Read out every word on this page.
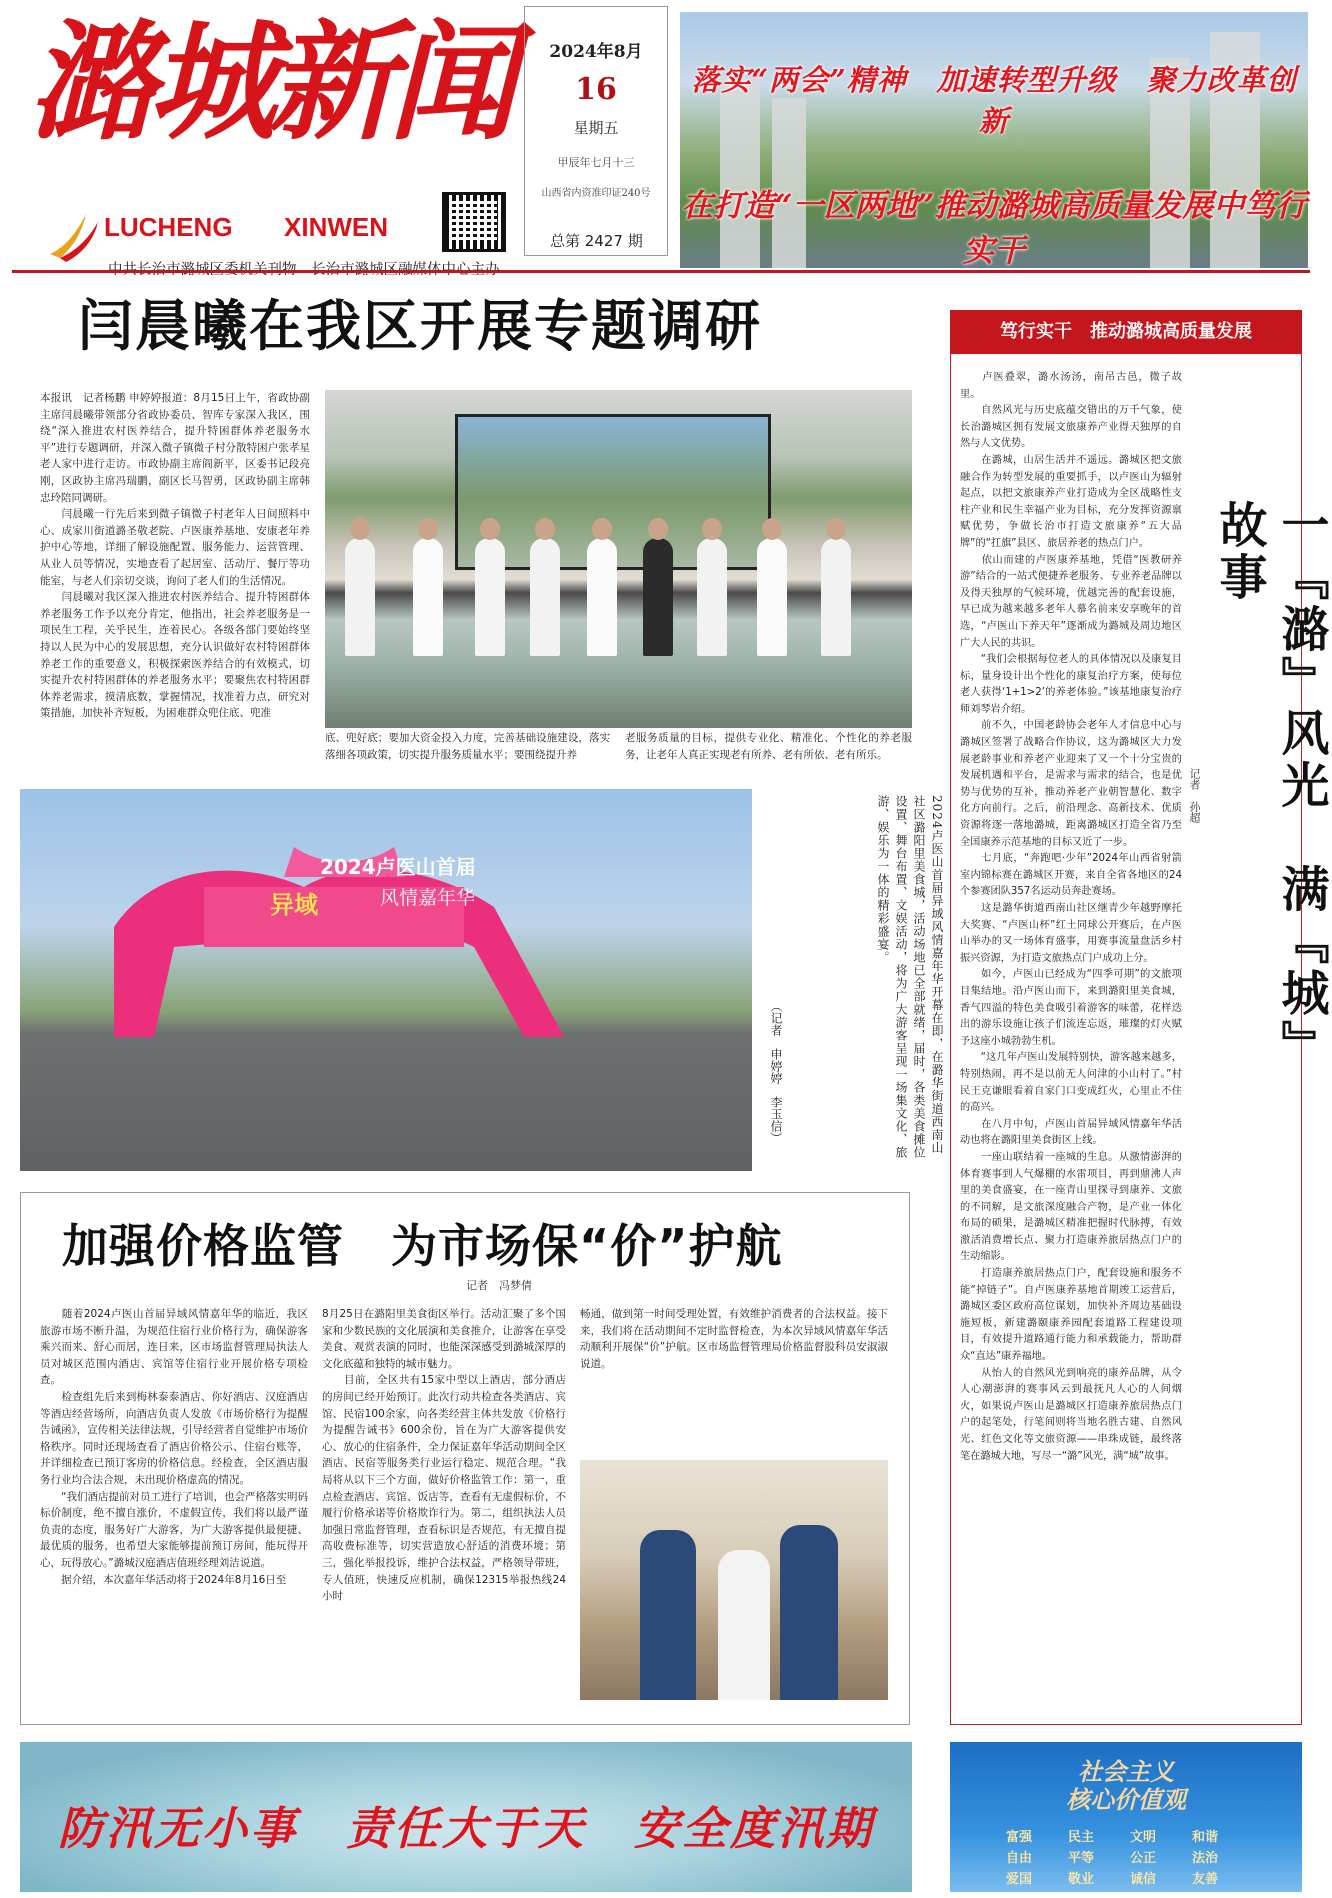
潞城新闻
LUCHENG XINWEN
2024年8月
16
星期五
甲辰年七月十三
山西省内资准印证240号
总第 2427 期
落实“两会”精神　加速转型升级　聚力改革创新
在打造“一区两地”推动潞城高质量发展中笃行实干
闫晨曦在我区开展专题调研
本报讯　记者杨鹏 申婷婷报道：8月15日上午，省政协副主席闫晨曦带领部分省政协委员、智库专家深入我区，围绕“深入推进农村医养结合，提升特困群体养老服务水平”进行专题调研，并深入微子镇微子村分散特困户张孝星老人家中进行走访。市政协副主席阎新平，区委书记段亮刚，区政协主席冯瑞鹏，副区长马智勇，区政协副主席韩忠玲陪同调研。
　　闫晨曦一行先后来到微子镇微子村老年人日间照料中心、成家川街道潞圣敬老院、卢医康养基地、安康老年养护中心等地，详细了解设施配置、服务能力、运营管理、从业人员等情况，实地查看了起居室、活动厅、餐厅等功能室，与老人们亲切交谈，询问了老人们的生活情况。
　　闫晨曦对我区深入推进农村医养结合、提升特困群体养老服务工作予以充分肯定，他指出，社会养老服务是一项民生工程，关乎民生，连着民心。各级各部门要始终坚持以人民为中心的发展思想，充分认识做好农村特困群体养老工作的重要意义，积极探索医养结合的有效模式，切实提升农村特困群体的养老服务水平；要聚焦农村特困群体养老需求，摸清底数，掌握情况，找准着力点，研究对策措施，加快补齐短板，为困难群众兜住底、兜准
底、兜好底；要加大资金投入力度，完善基础设施建设，落实落细各项政策，切实提升服务质量水平；要围绕提升养
老服务质量的目标，提供专业化、精准化、个性化的养老服务，让老年人真正实现老有所养、老有所依、老有所乐。
2024卢医山首届
异域	风情嘉年华	2024卢医山首届异域风情嘉年华开幕在即，在潞华街道西南山社区潞阳里美食城，活动场地已全部就绪，届时，各类美食摊位设置、舞台布置、文娱活动，将为广大游客呈现一场集文化、旅游、娱乐为一体的精彩盛宴。
（记者　申婷婷　李玉信）
加强价格监管　为市场保“价”护航
记者　冯梦倩
　　随着2024卢医山首届异域风情嘉年华的临近，我区旅游市场不断升温，为规范住宿行业价格行为，确保游客乘兴而来、舒心而居，连日来，区市场监督管理局执法人员对城区范围内酒店、宾馆等住宿行业开展价格专项检查。
　　检查组先后来到梅林泰泰酒店、你好酒店、汉庭酒店等酒店经营场所，向酒店负责人发放《市场价格行为提醒告诫函》，宣传相关法律法规，引导经营者自觉维护市场价格秩序。同时还现场查看了酒店价格公示、住宿台账等，并详细检查已预订客房的价格信息。经检查，全区酒店服务行业均合法合规，未出现价格虚高的情况。
　　“我们酒店提前对员工进行了培训，也会严格落实明码标价制度，绝不擅自涨价，不虚假宣传，我们将以最严谨负责的态度，服务好广大游客，为广大游客提供最便捷、最优质的服务，也希望大家能够提前预订房间，能玩得开心，玩得放心。”潞城汉庭酒店值班经理刘洁说道。
　　据介绍，本次嘉年华活动将于2024年8月16日至
8月25日在潞阳里美食街区举行。活动汇聚了多个国家和少数民族的文化展演和美食推介，让游客在享受美食、观赏表演的同时，也能深深感受到潞城深厚的文化底蕴和独特的城市魅力。
　　目前，全区共有15家中型以上酒店，部分酒店的房间已经开始预订。此次行动共检查各类酒店、宾馆、民宿100余家，向各类经营主体共发放《价格行为提醒告诫书》600余份，旨在为广大游客提供安心、放心的住宿条件，全力保证嘉年华活动期间全区酒店、民宿等服务类行业运行稳定、规范合理。“我局将从以下三个方面，做好价格监管工作：第一，重点检查酒店、宾馆、饭店等，查看有无虚假标价，不履行价格承诺等价格欺诈行为。第二，组织执法人员加强日常监督管理，查看标识是否规范，有无擅自提高收费标准等，切实营造放心舒适的消费环境；第三，强化举报投诉，维护合法权益，严格领导带班，专人值班，快速反应机制，确保12315举报热线24小时
畅通，做到第一时间受理处置，有效维护消费者的合法权益。接下来，我们将在活动期间不定时监督检查，为本次异域风情嘉年华活动顺利开展保“价”护航。区市场监督管理局价格监督股科员安淑淑说道。
笃行实干　推动潞城高质量发展
　　卢医叠翠，潞水汤汤，南吊古邑，微子故里。
　　自然风光与历史底蕴交错出的万千气象，使长治潞城区拥有发展文旅康养产业得天独厚的自然与人文优势。
　　在潞城，山居生活并不遥远。潞城区把文旅融合作为转型发展的重要抓手，以卢医山为辐射起点，以把文旅康养产业打造成为全区战略性支柱产业和民生幸福产业为目标，充分发挥资源禀赋优势，争做长治市打造文旅康养“五大品牌”的“扛旗”县区、旅居养老的热点门户。
　　依山而建的卢医康养基地，凭借“医教研养游”结合的一站式便捷养老服务、专业养老品牌以及得天独厚的气候环境，优越完善的配套设施，早已成为越来越多老年人慕名前来安享晚年的首选，“卢医山下养天年”逐渐成为潞城及周边地区广大人民的共识。
　　“我们会根据每位老人的具体情况以及康复目标，量身设计出个性化的康复治疗方案，使每位老人获得‘1+1>2’的养老体验。”该基地康复治疗师刘琴岩介绍。
　　前不久，中国老龄协会老年人才信息中心与潞城区签署了战略合作协议，这为潞城区大力发展老龄事业和养老产业迎来了又一个十分宝贵的发展机遇和平台，是需求与需求的结合，也是优势与优势的互补，推动养老产业朝智慧化、数字化方向前行。之后，前沿理念、高新技术、优质资源将逐一落地潞城，距离潞城区打造全省乃至全国康养示范基地的目标又近了一步。
　　七月底，“奔跑吧·少年”2024年山西省射箭室内锦标赛在潞城区开赛，来自全省各地区的24个参赛团队357名运动员奔赴赛场。
　　这是潞华街道西南山社区继青少年越野摩托大奖赛、“卢医山杯”红土同球公开赛后，在卢医山举办的又一场体育盛事，用赛事流量盘活乡村振兴资源，为打造文旅热点门户成功上分。
　　如今，卢医山已经成为“四季可期”的文旅项目集结地。沿卢医山而下，来到潞阳里美食城，香气四溢的特色美食吸引着游客的味蕾，花样迭出的游乐设施让孩子们流连忘返，璀璨的灯火赋予这座小城勃勃生机。
　　“这几年卢医山发展特别快，游客越来越多，特别热闹，再不是以前无人问津的小山村了。”村民王克谦眼看着自家门口变成红火，心里止不住的高兴。
　　在八月中旬，卢医山首届异域风情嘉年华活动也将在潞阳里美食街区上线。
　　一座山联结着一座城的生息。从激情澎湃的体育赛事到人气爆棚的水雷项目，再到鼎沸人声里的美食盛宴，在一座青山里探寻到康养、文旅的不同解，是文旅深度融合产物，是产业一体化布局的硕果，是潞城区精准把握时代脉搏，有效激活消费增长点、聚力打造康养旅居热点门户的生动缩影。
　　打造康养旅居热点门户，配套设施和服务不能“掉链子”。自卢医康养基地首期竣工运营后，潞城区委区政府高位谋划，加快补齐周边基础设施短板，新建潞颐康养园配套道路工程建设项目，有效提升道路通行能力和承载能力，帮助群众“直达”康养福地。
　　从怡人的自然风光到响亮的康养品牌，从令人心潮澎湃的赛事风云到最抚凡人心的人间烟火，如果说卢医山是潞城区打造康养旅居热点门户的起笔处，行笔间则将当地名胜古建、自然风光、红色文化等文旅资源——串珠成链，最终落笔在潞城大地，写尽一“潞”风光，满“城”故事。
记者　孙超	一『潞』风光　满『城』故事
防汛无小事　责任大于天　安全度汛期
社会主义
核心价值观
富强	民主	文明	和谐
自由	平等	公正	法治
爱国	敬业	诚信	友善
